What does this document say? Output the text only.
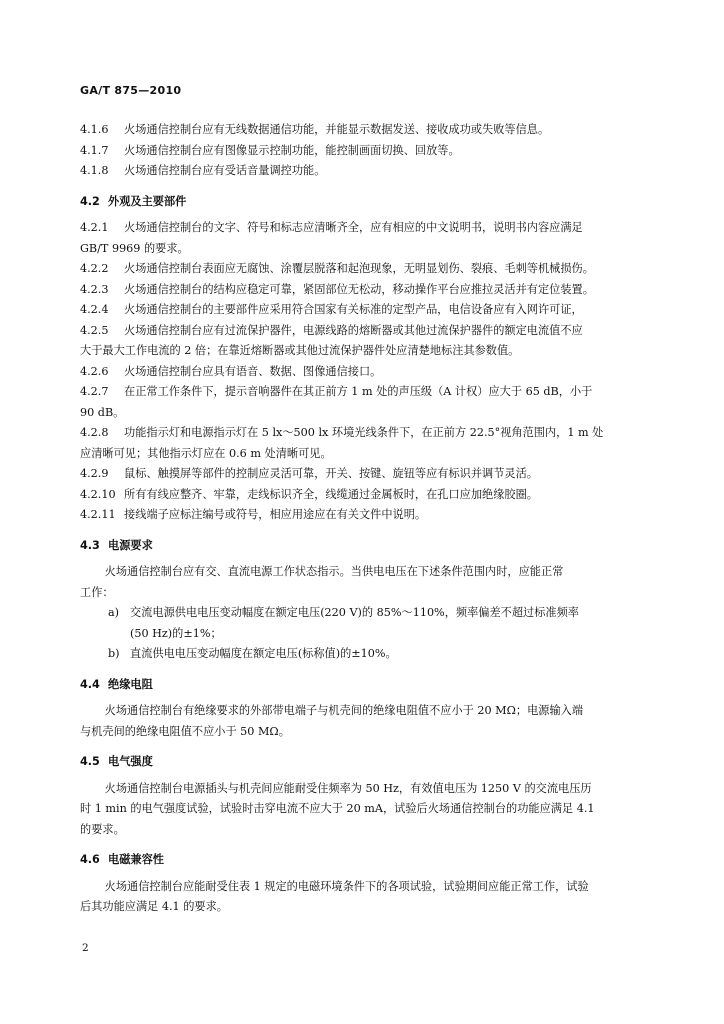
GA/T 875—2010

4.1.6 火场通信控制台应有无线数据通信功能，并能显示数据发送、接收成功或失败等信息。

4.1.7 火场通信控制台应有图像显示控制功能，能控制画面切换、回放等。

4.1.8 火场通信控制台应有受话音量调控功能。

4.2 外观及主要部件

4.2.1 火场通信控制台的文字、符号和标志应清晰齐全，应有相应的中文说明书，说明书内容应满足
GB/T 9969 的要求。

4.2.2 火场通信控制台表面应无腐蚀、涂覆层脱落和起泡现象，无明显划伤、裂痕、毛刺等机械损伤。

4.2.3 火场通信控制台的结构应稳定可靠，紧固部位无松动，移动操作平台应推拉灵活并有定位装置。

4.2.4 火场通信控制台的主要部件应采用符合国家有关标准的定型产品，电信设备应有入网许可证，

4.2.5 火场通信控制台应有过流保护器件，电源线路的熔断器或其他过流保护器件的额定电流值不应
大于最大工作电流的 2 倍；在靠近熔断器或其他过流保护器件处应清楚地标注其参数值。

4.2.6 火场通信控制台应具有语音、数据、图像通信接口。

4.2.7 在正常工作条件下，提示音响器件在其正前方 1 m 处的声压级（A 计权）应大于 65 dB，小于
90 dB。

4.2.8 功能指示灯和电源指示灯在 5 lx～500 lx 环境光线条件下，在正前方 22.5°视角范围内，1 m 处
应清晰可见；其他指示灯应在 0.6 m 处清晰可见。

4.2.9 鼠标、触摸屏等部件的控制应灵活可靠，开关、按键、旋钮等应有标识并调节灵活。

4.2.10 所有有线应整齐、牢靠，走线标识齐全，线缆通过金属板时，在孔口应加绝缘胶圈。

4.2.11 接线端子应标注编号或符号，相应用途应在有关文件中说明。

4.3 电源要求

火场通信控制台应有交、直流电源工作状态指示。当供电电压在下述条件范围内时，应能正常

工作：

a) 交流电源供电电压变动幅度在额定电压(220 V)的 85%～110%，频率偏差不超过标准频率

(50 Hz)的±1%；

b) 直流供电电压变动幅度在额定电压(标称值)的±10%。

4.4 绝缘电阻

火场通信控制台有绝缘要求的外部带电端子与机壳间的绝缘电阻值不应小于 20 MΩ；电源输入端

与机壳间的绝缘电阻值不应小于 50 MΩ。

4.5 电气强度

火场通信控制台电源插头与机壳间应能耐受住频率为 50 Hz，有效值电压为 1250 V 的交流电压历

时 1 min 的电气强度试验，试验时击穿电流不应大于 20 mA，试验后火场通信控制台的功能应满足 4.1

的要求。

4.6 电磁兼容性

火场通信控制台应能耐受住表 1 规定的电磁环境条件下的各项试验，试验期间应能正常工作，试验

后其功能应满足 4.1 的要求。

2
